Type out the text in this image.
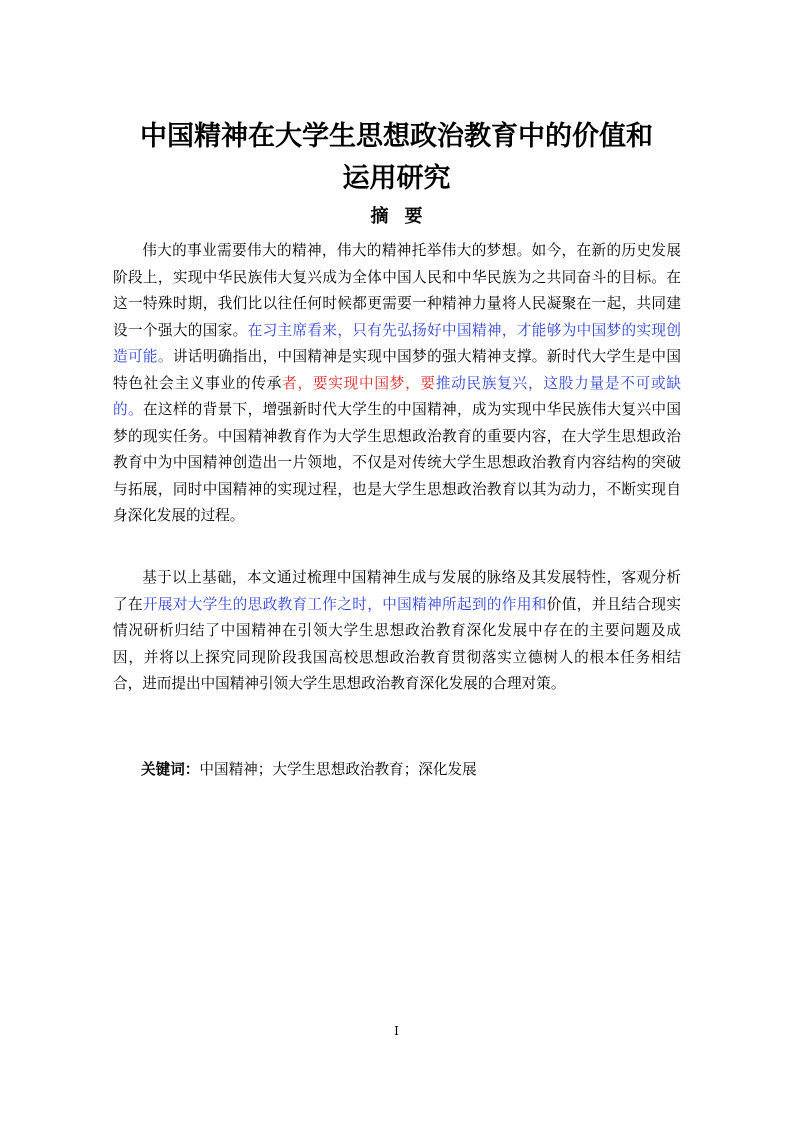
中国精神在大学生思想政治教育中的价值和
运用研究
摘要

伟大的事业需要伟大的精神，伟大的精神托举伟大的梦想。如今，在新的历史发展阶段上，实现中华民族伟大复兴成为全体中国人民和中华民族为之共同奋斗的目标。在这一特殊时期，我们比以往任何时候都更需要一种精神力量将人民凝聚在一起，共同建设一个强大的国家。在习主席看来，只有先弘扬好中国精神，才能够为中国梦的实现创造可能。讲话明确指出，中国精神是实现中国梦的强大精神支撑。新时代大学生是中国特色社会主义事业的传承者，要实现中国梦，要推动民族复兴，这股力量是不可或缺的。在这样的背景下，增强新时代大学生的中国精神，成为实现中华民族伟大复兴中国梦的现实任务。中国精神教育作为大学生思想政治教育的重要内容，在大学生思想政治教育中为中国精神创造出一片领地，不仅是对传统大学生思想政治教育内容结构的突破与拓展，同时中国精神的实现过程，也是大学生思想政治教育以其为动力，不断实现自身深化发展的过程。

基于以上基础，本文通过梳理中国精神生成与发展的脉络及其发展特性，客观分析了在开展对大学生的思政教育工作之时，中国精神所起到的作用和价值，并且结合现实情况研析归结了中国精神在引领大学生思想政治教育深化发展中存在的主要问题及成因，并将以上探究同现阶段我国高校思想政治教育贯彻落实立德树人的根本任务相结合，进而提出中国精神引领大学生思想政治教育深化发展的合理对策。

关键词：中国精神；大学生思想政治教育；深化发展
I
